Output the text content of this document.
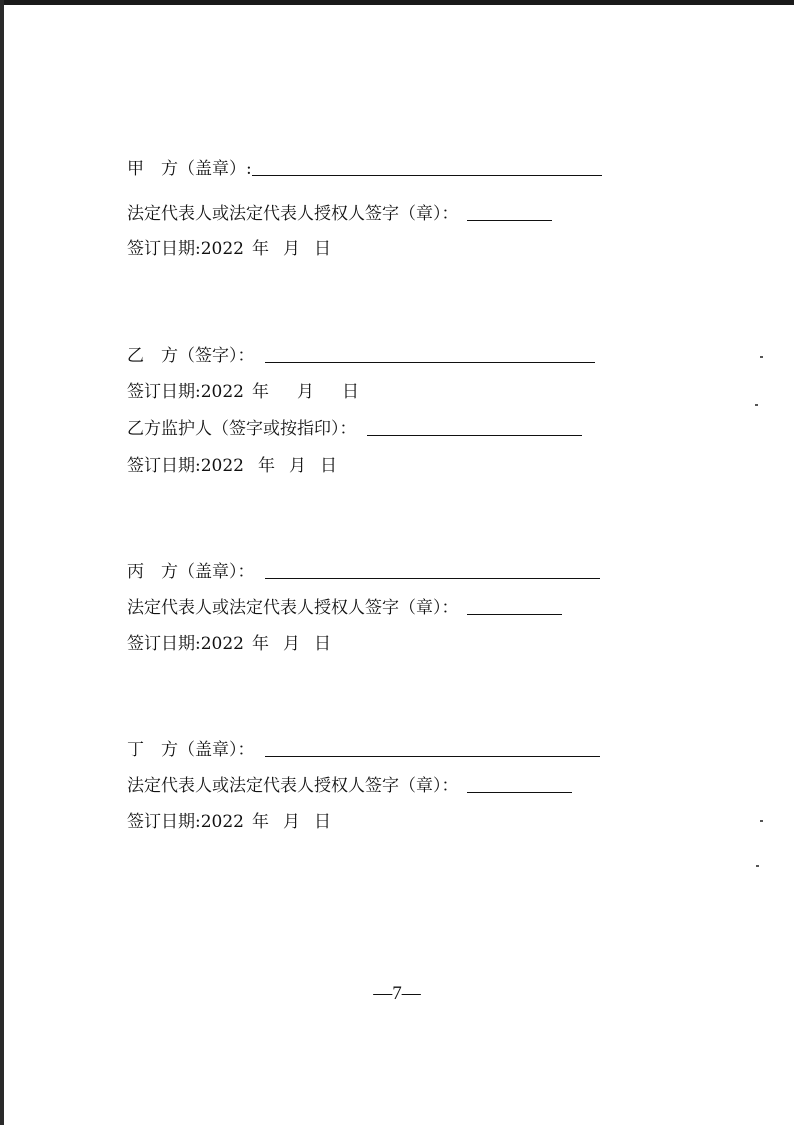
甲　方（盖章）:
法定代表人或法定代表人授权人签字（章）：
签订日期: 2022 年 月 日
乙　方（签字）：
签订日期: 2022 年 月 日
乙方监护人（签字或按指印）：
签订日期: 2022 年 月 日
丙　方（盖章）：
法定代表人或法定代表人授权人签字（章）：
签订日期: 2022 年 月 日
丁　方（盖章）：
法定代表人或法定代表人授权人签字（章）：
签订日期: 2022 年 月 日
—7—
